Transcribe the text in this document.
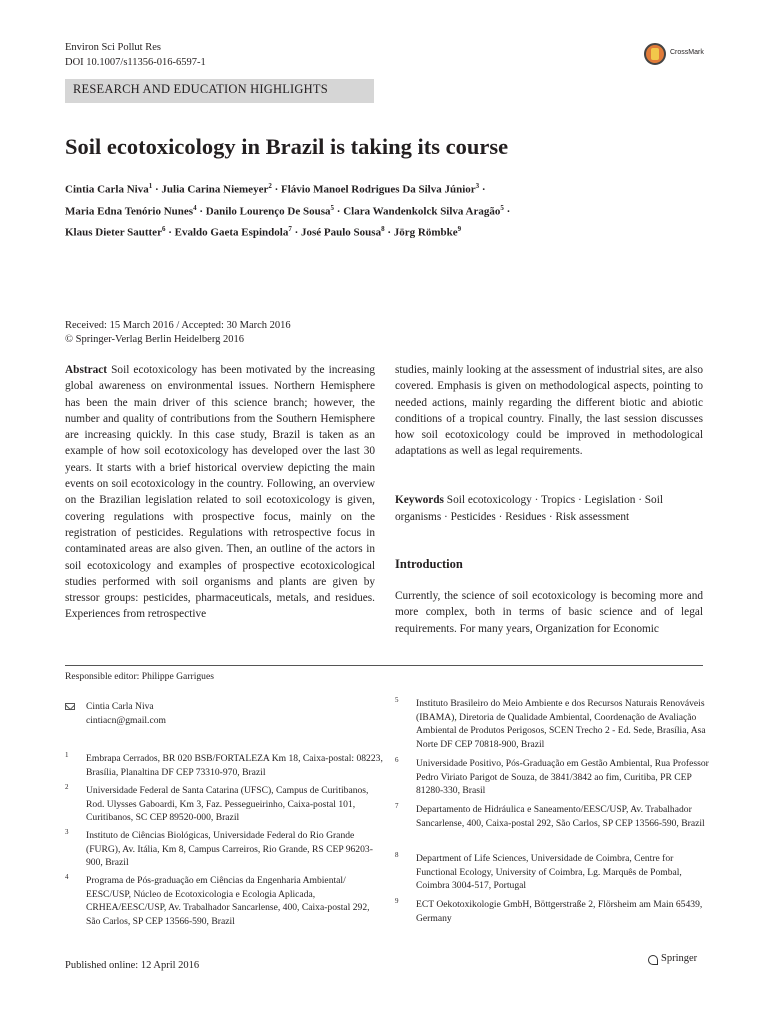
Environ Sci Pollut Res
DOI 10.1007/s11356-016-6597-1
CrossMark
RESEARCH AND EDUCATION HIGHLIGHTS
Soil ecotoxicology in Brazil is taking its course
Cintia Carla Niva$^1$ · Julia Carina Niemeyer$^2$ · Flávio Manoel Rodrigues Da Silva Júnior$^3$ ·
Maria Edna Tenório Nunes$^4$ · Danilo Lourenço De Sousa$^5$ · Clara Wandenkolck Silva Aragão$^5$ ·
Klaus Dieter Sautter$^6$ · Evaldo Gaeta Espindola$^7$ · José Paulo Sousa$^8$ · Jörg Römbke$^9$
Received: 15 March 2016 / Accepted: 30 March 2016
© Springer-Verlag Berlin Heidelberg 2016
Abstract Soil ecotoxicology has been motivated by the increasing global awareness on environmental issues. Northern Hemisphere has been the main driver of this science branch; however, the number and quality of contributions from the Southern Hemisphere are increasing quickly. In this case study, Brazil is taken as an example of how soil ecotoxicology has developed over the last 30 years. It starts with a brief historical overview depicting the main events on soil ecotoxicology in the country. Following, an overview on the Brazilian legislation related to soil ecotoxicology is given, covering regulations with prospective focus, mainly on the registration of pesticides. Regulations with retrospective focus in contaminated areas are also given. Then, an outline of the actors in soil ecotoxicology and examples of prospective ecotoxicological studies performed with soil organisms and plants are given by stressor groups: pesticides, pharmaceuticals, metals, and residues. Experiences from retrospective
studies, mainly looking at the assessment of industrial sites, are also covered. Emphasis is given on methodological aspects, pointing to needed actions, mainly regarding the different biotic and abiotic conditions of a tropical country. Finally, the last session discusses how soil ecotoxicology could be improved in methodological adaptations as well as legal requirements.
Keywords Soil ecotoxicology · Tropics · Legislation · Soil organisms · Pesticides · Residues · Risk assessment
Introduction
Currently, the science of soil ecotoxicology is becoming more and more complex, both in terms of basic science and of legal requirements. For many years, Organization for Economic
Responsible editor: Philippe Garrigues
Cintia Carla Niva
cintiacn@gmail.com
1 Embrapa Cerrados, BR 020 BSB/FORTALEZA Km 18, Caixa-postal: 08223, Brasília, Planaltina DF CEP 73310-970, Brazil
2 Universidade Federal de Santa Catarina (UFSC), Campus de Curitibanos, Rod. Ulysses Gaboardi, Km 3, Faz. Pessegueirinho, Caixa-postal 101, Curitibanos, SC CEP 89520-000, Brazil
3 Instituto de Ciências Biológicas, Universidade Federal do Rio Grande (FURG), Av. Itália, Km 8, Campus Carreiros, Rio Grande, RS CEP 96203-900, Brazil
4 Programa de Pós-graduação em Ciências da Engenharia Ambiental/ EESC/USP, Núcleo de Ecotoxicologia e Ecologia Aplicada, CRHEA/EESC/USP, Av. Trabalhador Sancarlense, 400, Caixa-postal 292, São Carlos, SP CEP 13566-590, Brazil
5 Instituto Brasileiro do Meio Ambiente e dos Recursos Naturais Renováveis (IBAMA), Diretoria de Qualidade Ambiental, Coordenação de Avaliação Ambiental de Produtos Perigosos, SCEN Trecho 2 - Ed. Sede, Brasília, Asa Norte DF CEP 70818-900, Brazil
6 Universidade Positivo, Pós-Graduação em Gestão Ambiental, Rua Professor Pedro Viriato Parigot de Souza, de 3841/3842 ao fim, Curitiba, PR CEP 81280-330, Brasil
7 Departamento de Hidráulica e Saneamento/EESC/USP, Av. Trabalhador Sancarlense, 400, Caixa-postal 292, São Carlos, SP CEP 13566-590, Brazil
8 Department of Life Sciences, Universidade de Coimbra, Centre for Functional Ecology, University of Coimbra, Lg. Marquês de Pombal, Coimbra 3004-517, Portugal
9 ECT Oekotoxikologie GmbH, Böttgerstraße 2, Flörsheim am Main 65439, Germany
Published online: 12 April 2016
Springer
